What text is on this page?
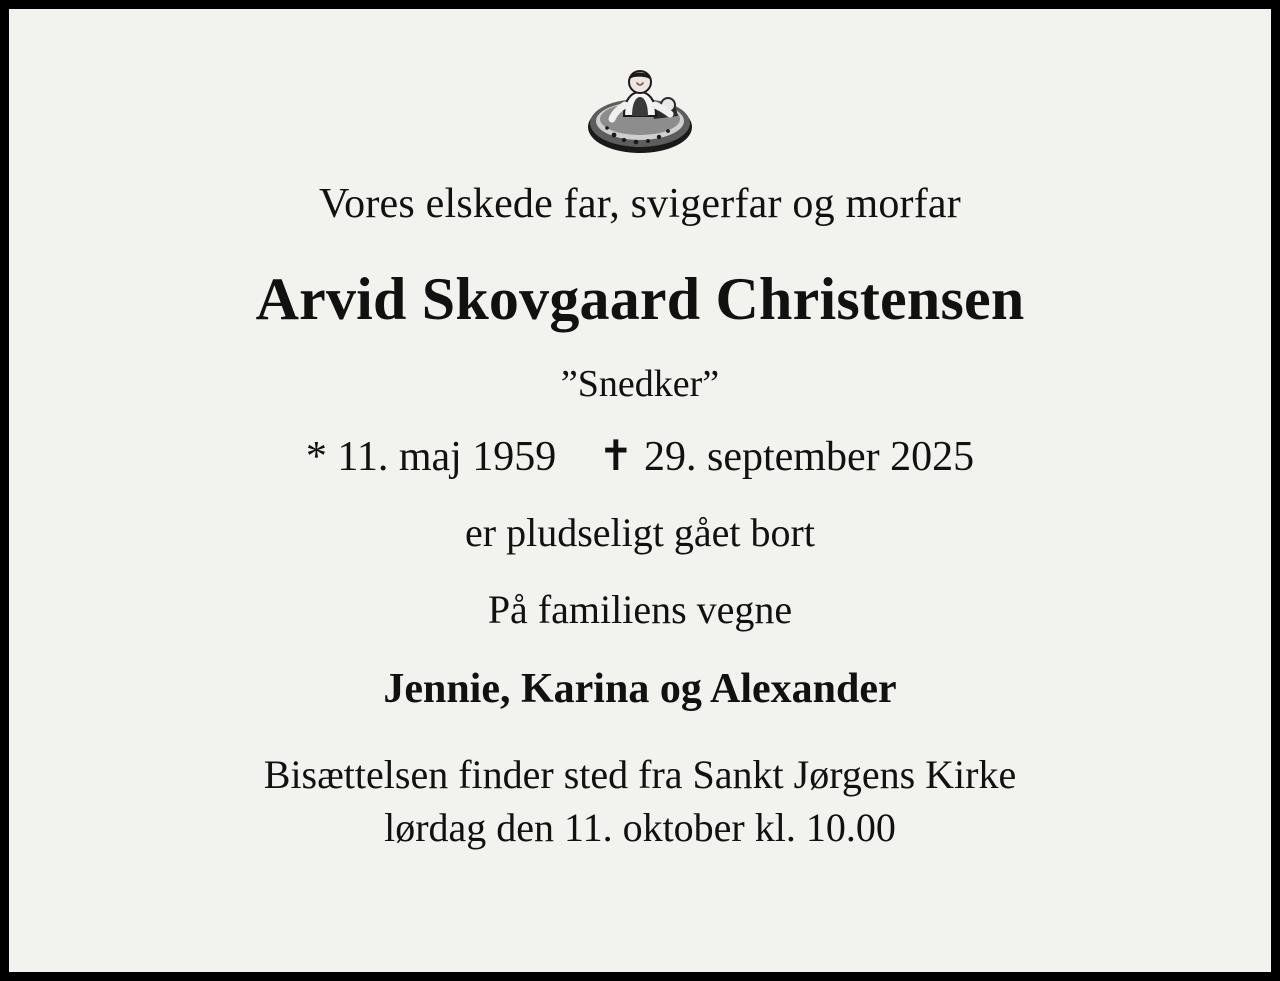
Vores elskede far, svigerfar og morfar
Arvid Skovgaard Christensen
”Snedker”
* 11. maj 1959    ✝ 29. september 2025
er pludseligt gået bort
På familiens vegne
Jennie, Karina og Alexander
Bisættelsen finder sted fra Sankt Jørgens Kirke
lørdag den 11. oktober kl. 10.00
